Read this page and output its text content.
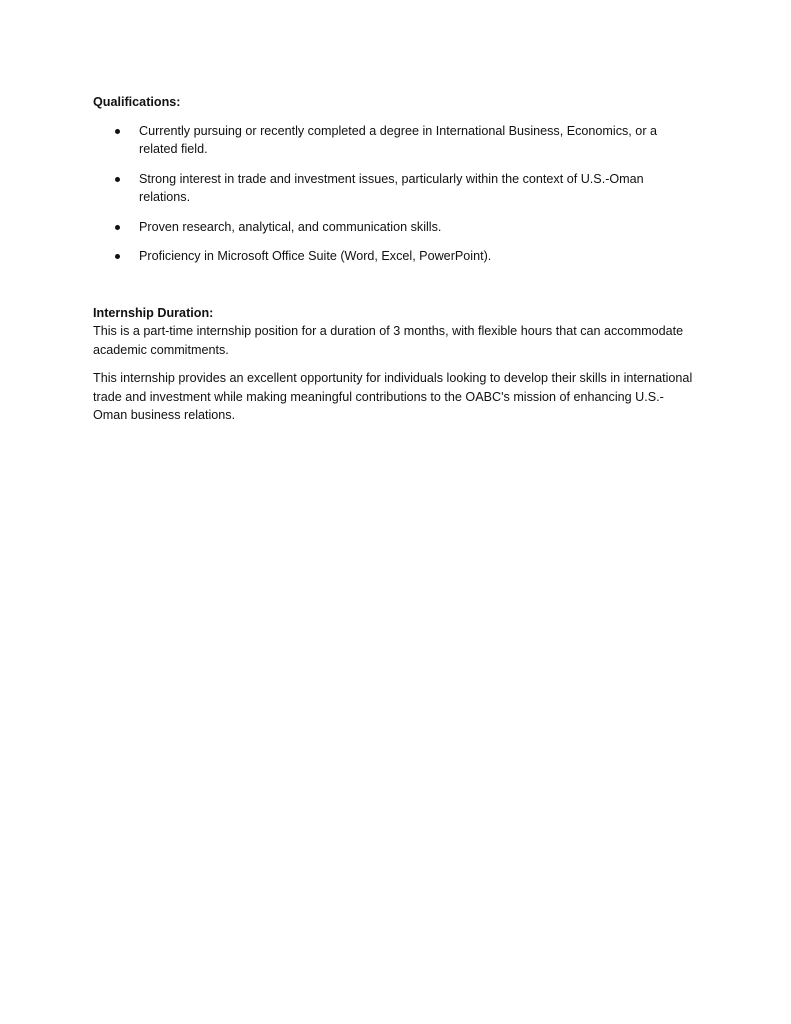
Qualifications:

Currently pursuing or recently completed a degree in International Business, Economics, or a related field.
Strong interest in trade and investment issues, particularly within the context of U.S.-Oman relations.
Proven research, analytical, and communication skills.
Proficiency in Microsoft Office Suite (Word, Excel, PowerPoint).

Internship Duration:

This is a part-time internship position for a duration of 3 months, with flexible hours that can accommodate academic commitments.

This internship provides an excellent opportunity for individuals looking to develop their skills in international trade and investment while making meaningful contributions to the OABC's mission of enhancing U.S.-Oman business relations.
